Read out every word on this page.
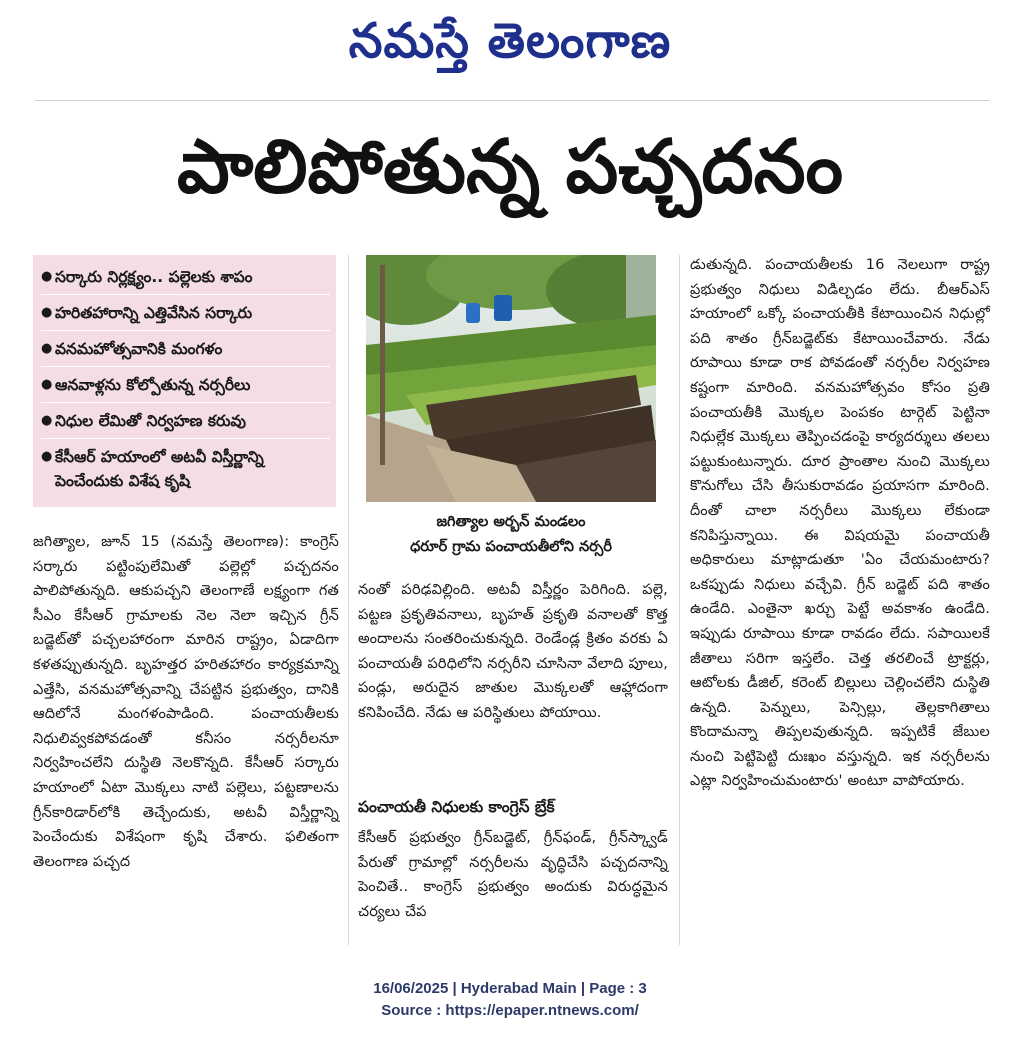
నమస్తే తెలంగాణ
పాలిపోతున్న పచ్చదనం
● సర్కారు నిర్లక్ష్యం.. పల్లెలకు శాపం
● హరితహారాన్ని ఎత్తివేసిన సర్కారు
● వనమహోత్సవానికి మంగళం
● ఆనవాళ్లను కోల్పోతున్న నర్సరీలు
● నిధుల లేమితో నిర్వహణ కరువు
● కేసీఆర్ హయాంలో అటవీ విస్తీర్ణాన్ని పెంచేందుకు విశేష కృషి
జగిత్యాల అర్బన్ మండలం
ధరూర్ గ్రామ పంచాయతీలోని నర్సరీ

జగిత్యాల, జూన్ 15 (నమస్తే తెలంగాణ): కాంగ్రెస్ సర్కారు పట్టింపులేమితో పల్లెల్లో పచ్చదనం పాలిపోతున్నది. ఆకుపచ్చని తెలంగాణే లక్ష్యంగా గత సీఎం కేసీఆర్ గ్రామాలకు నెల నెలా ఇచ్చిన గ్రీన్ బడ్జెట్‌తో పచ్చలహారంగా మారిన రాష్ట్రం, ఏడాదిగా కళతప్పుతున్నది. బృహత్తర హరితహారం కార్యక్రమాన్ని ఎత్తేసి, వనమహోత్సవాన్ని చేపట్టిన ప్రభుత్వం, దానికి ఆదిలోనే మంగళంపాడింది. పంచాయతీలకు నిధులివ్వకపోవడంతో కనీసం నర్సరీలనూ నిర్వహించలేని దుస్థితి నెలకొన్నది. కేసీఆర్ సర్కారు హయాంలో ఏటా మొక్కలు నాటి పల్లెలు, పట్టణాలను గ్రీన్‌కారిడార్‌లోకి తెచ్చేందుకు, అటవీ విస్తీర్ణాన్ని పెంచేందుకు విశేషంగా కృషి చేశారు. ఫలితంగా తెలంగాణ పచ్చద

నంతో పరిఢవిల్లింది. అటవీ విస్తీర్ణం పెరిగింది. పల్లె, పట్టణ ప్రకృతివనాలు, బృహత్ ప్రకృతి వనాలతో కొత్త అందాలను సంతరించుకున్నది. రెండేండ్ల క్రితం వరకు ఏ పంచాయతీ పరిధిలోని నర్సరీని చూసినా వేలాది పూలు, పండ్లు, అరుదైన జాతుల మొక్కలతో ఆహ్లాదంగా కనిపించేది. నేడు ఆ పరిస్థితులు పోయాయి.

పంచాయతీ నిధులకు కాంగ్రెస్ బ్రేక్

కేసీఆర్ ప్రభుత్వం గ్రీన్‌బడ్జెట్, గ్రీన్‌ఫండ్, గ్రీన్‌స్క్వాడ్ పేరుతో గ్రామాల్లో నర్సరీలను వృద్ధిచేసి పచ్చదనాన్ని పెంచితే.. కాంగ్రెస్ ప్రభుత్వం అందుకు విరుద్ధమైన చర్యలు చేప

డుతున్నది. పంచాయతీలకు 16 నెలలుగా రాష్ట్ర ప్రభుత్వం నిధులు విడిల్చడం లేదు. బీఆర్‌ఎస్ హయాంలో ఒక్కో పంచాయతీకి కేటాయించిన నిధుల్లో పది శాతం గ్రీన్‌బడ్జెట్‌కు కేటాయించేవారు. నేడు రూపాయి కూడా రాక పోవడంతో నర్సరీల నిర్వహణ కష్టంగా మారింది. వనమహోత్సవం కోసం ప్రతి పంచాయతీకి మొక్కల పెంపకం టార్గెట్ పెట్టినా నిధుల్లేక మొక్కలు తెప్పించడంపై కార్యదర్శులు తలలు పట్టుకుంటున్నారు. దూర ప్రాంతాల నుంచి మొక్కలు కొనుగోలు చేసి తీసుకురావడం ప్రయాసగా మారింది. దీంతో చాలా నర్సరీలు మొక్కలు లేకుండా కనిపిస్తున్నాయి. ఈ విషయమై పంచాయతీ అధికారులు మాట్లాడుతూ 'ఏం చేయమంటారు? ఒకప్పుడు నిధులు వచ్చేవి. గ్రీన్ బడ్జెట్ పది శాతం ఉండేది. ఎంతైనా ఖర్చు పెట్టే అవకాశం ఉండేది. ఇప్పుడు రూపాయి కూడా రావడం లేదు. సపాయిలకే జీతాలు సరిగా ఇస్తలేం. చెత్త తరలించే ట్రాక్టర్లు, ఆటోలకు డీజిల్, కరెంట్ బిల్లులు చెల్లించలేని దుస్థితి ఉన్నది. పెన్నులు, పెన్సిల్లు, తెల్లకాగితాలు కొందామన్నా తిప్పలవుతున్నది. ఇప్పటికే జేబుల నుంచి పెట్టిపెట్టి దుఃఖం వస్తున్నది. ఇక నర్సరీలను ఎట్లా నిర్వహించుమంటారు' అంటూ వాపోయారు.

16/06/2025 | Hyderabad Main | Page : 3
Source : https://epaper.ntnews.com/
